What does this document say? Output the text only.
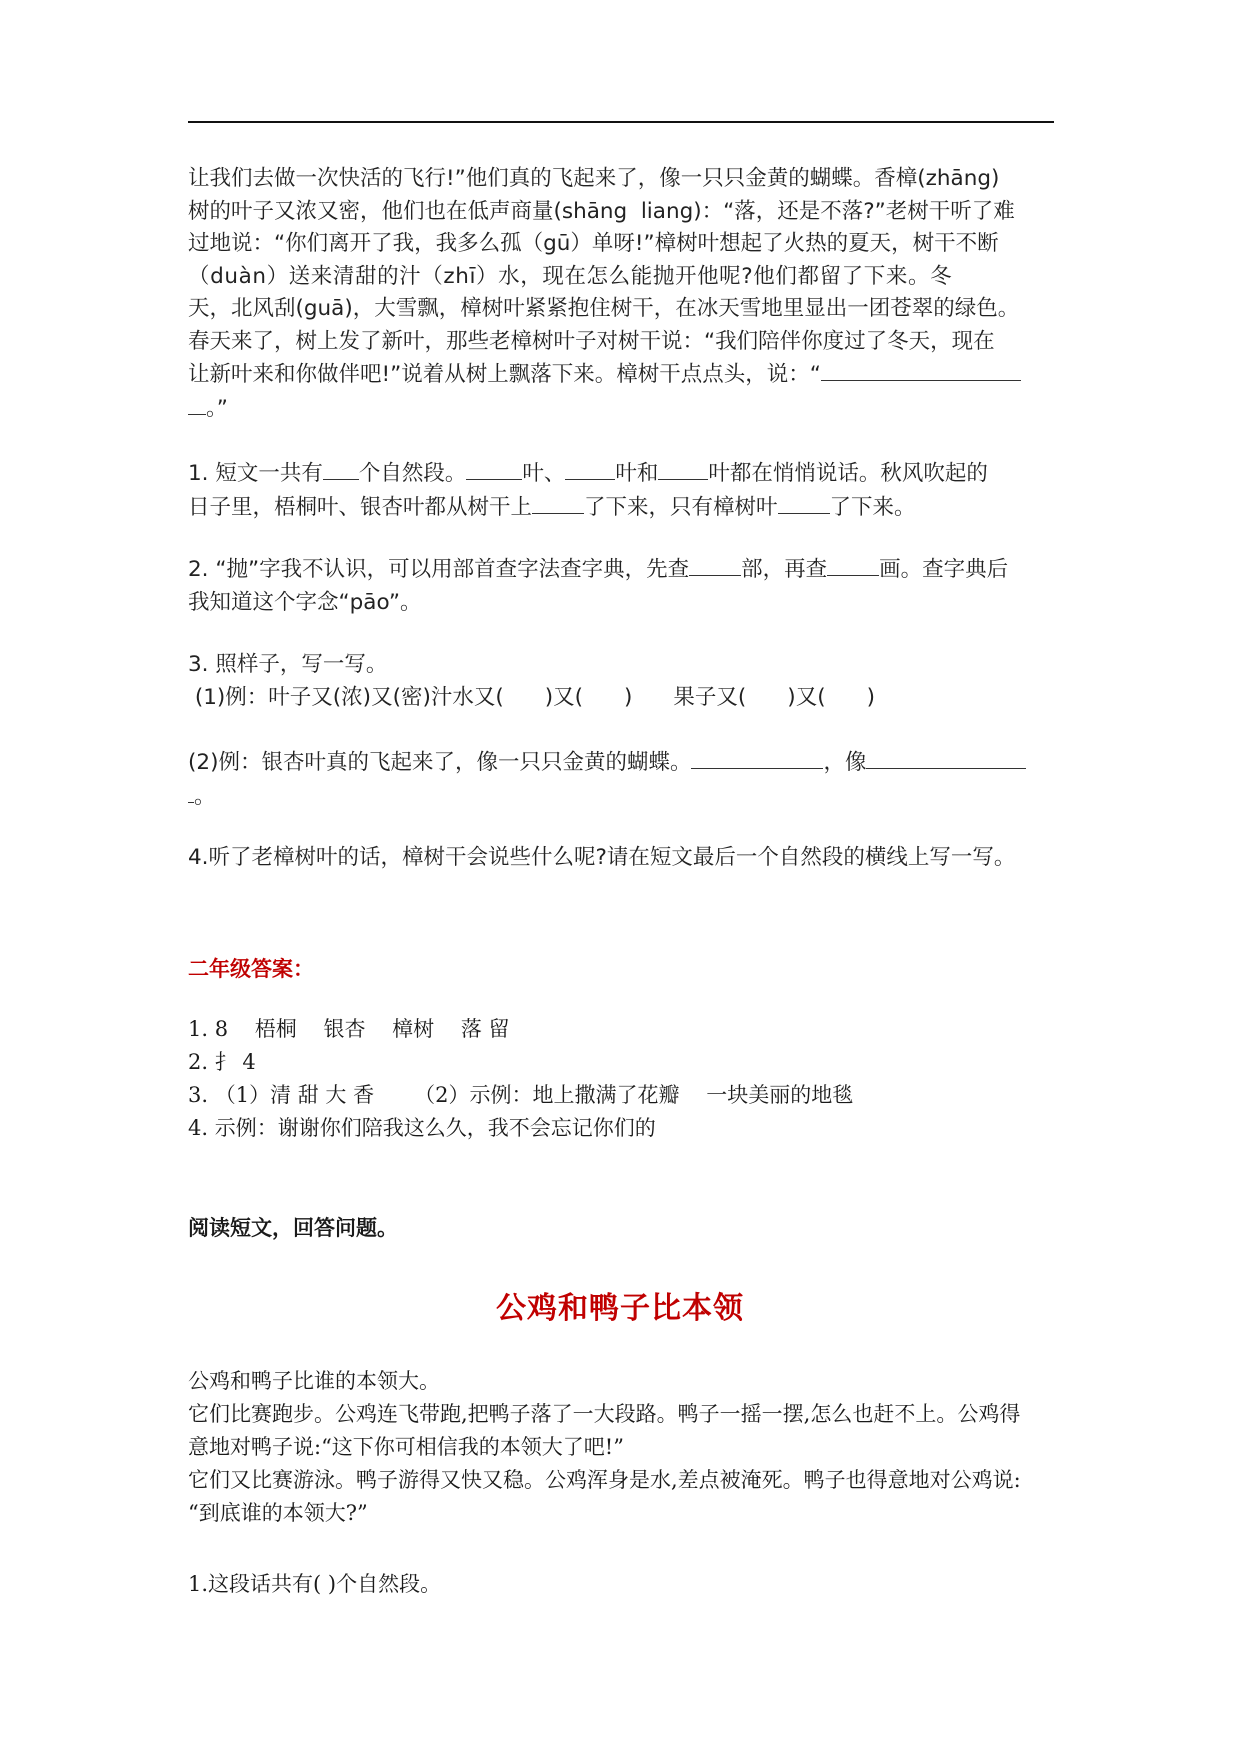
让我们去做一次快活的飞行!”他们真的飞起来了，像一只只金黄的蝴蝶。香樟(zhāng)
树的叶子又浓又密，他们也在低声商量(shāng  liang)：“落，还是不落?”老树干听了难
过地说：“你们离开了我，我多么孤（gū）单呀!”樟树叶想起了火热的夏天，树干不断
（duàn）送来清甜的汁（zhī）水，现在怎么能抛开他呢?他们都留了下来。冬
天，北风刮(guā)，大雪飘，樟树叶紧紧抱住树干，在冰天雪地里显出一团苍翠的绿色。
春天来了，树上发了新叶，那些老樟树叶子对树干说：“我们陪伴你度过了冬天，现在
让新叶来和你做伴吧!”说着从树上飘落下来。樟树干点点头，说：“
。”
1. 短文一共有 个自然段。	叶、 叶和 叶都在悄悄说话。秋风吹起的
日子里，梧桐叶、银杏叶都从树干上 了下来，只有樟树叶 了下来。
2. “抛”字我不认识，可以用部首查字法查字典，先查 部，再查 画。查字典后
我知道这个字念“pāo”。
3. 照样子，写一写。
(1)例：叶子又(浓)又(密)汁水又(      )又(      )      果子又(      )又(      )
(2)例：银杏叶真的飞起来了，像一只只金黄的蝴蝶。	，像
。
4.听了老樟树叶的话，樟树干会说些什么呢?请在短文最后一个自然段的横线上写一写。
二年级答案：
1. 8    梧桐    银杏    樟树    落 留
2. 扌 4
3. （1）清 甜 大 香      （2）示例：地上撒满了花瓣    一块美丽的地毯
4. 示例：谢谢你们陪我这么久，我不会忘记你们的
阅读短文，回答问题。
公鸡和鸭子比本领
公鸡和鸭子比谁的本领大。
它们比赛跑步。公鸡连飞带跑,把鸭子落了一大段路。鸭子一摇一摆,怎么也赶不上。公鸡得
意地对鸭子说:“这下你可相信我的本领大了吧!”
它们又比赛游泳。鸭子游得又快又稳。公鸡浑身是水,差点被淹死。鸭子也得意地对公鸡说:
“到底谁的本领大?”
1.这段话共有( )个自然段。
